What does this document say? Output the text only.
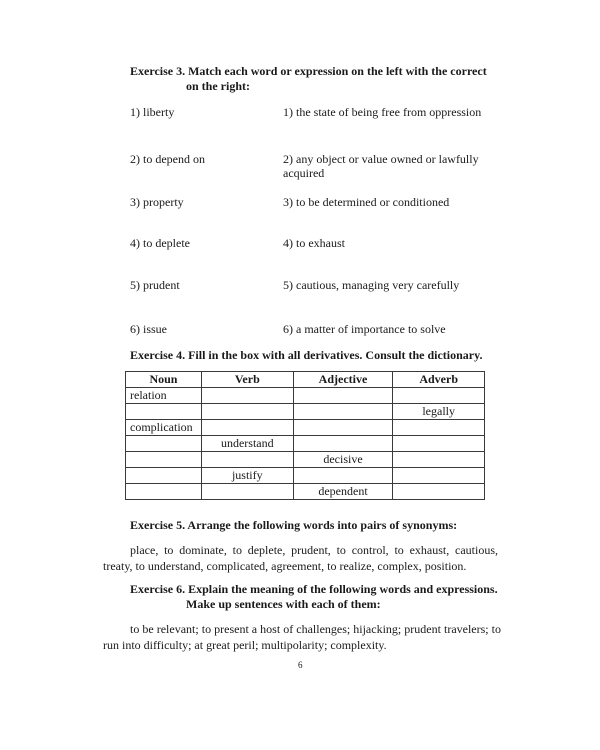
Exercise 3. Match each word or expression on the left with the correct
on the right:
1) liberty	1) the state of being free from oppression
2) to depend on	2) any object or value owned or lawfully acquired
3) property	3) to be determined or conditioned
4) to deplete	4) to exhaust
5) prudent	5) cautious, managing very carefully
6) issue	6) a matter of importance to solve
Exercise 4. Fill in the box with all derivatives. Consult the dictionary.
Noun	Verb	Adjective	Adverb
relation			
			legally
complication			
	understand		
		decisive	
	justify		
		dependent	
Exercise 5. Arrange the following words into pairs of synonyms:
place, to dominate, to deplete, prudent, to control, to exhaust, cautious, treaty, to understand, complicated, agreement, to realize, complex, position.
Exercise 6. Explain the meaning of the following words and expressions.
Make up sentences with each of them:
to be relevant; to present a host of challenges; hijacking; prudent travelers; to run into difficulty; at great peril; multipolarity; complexity.
6
